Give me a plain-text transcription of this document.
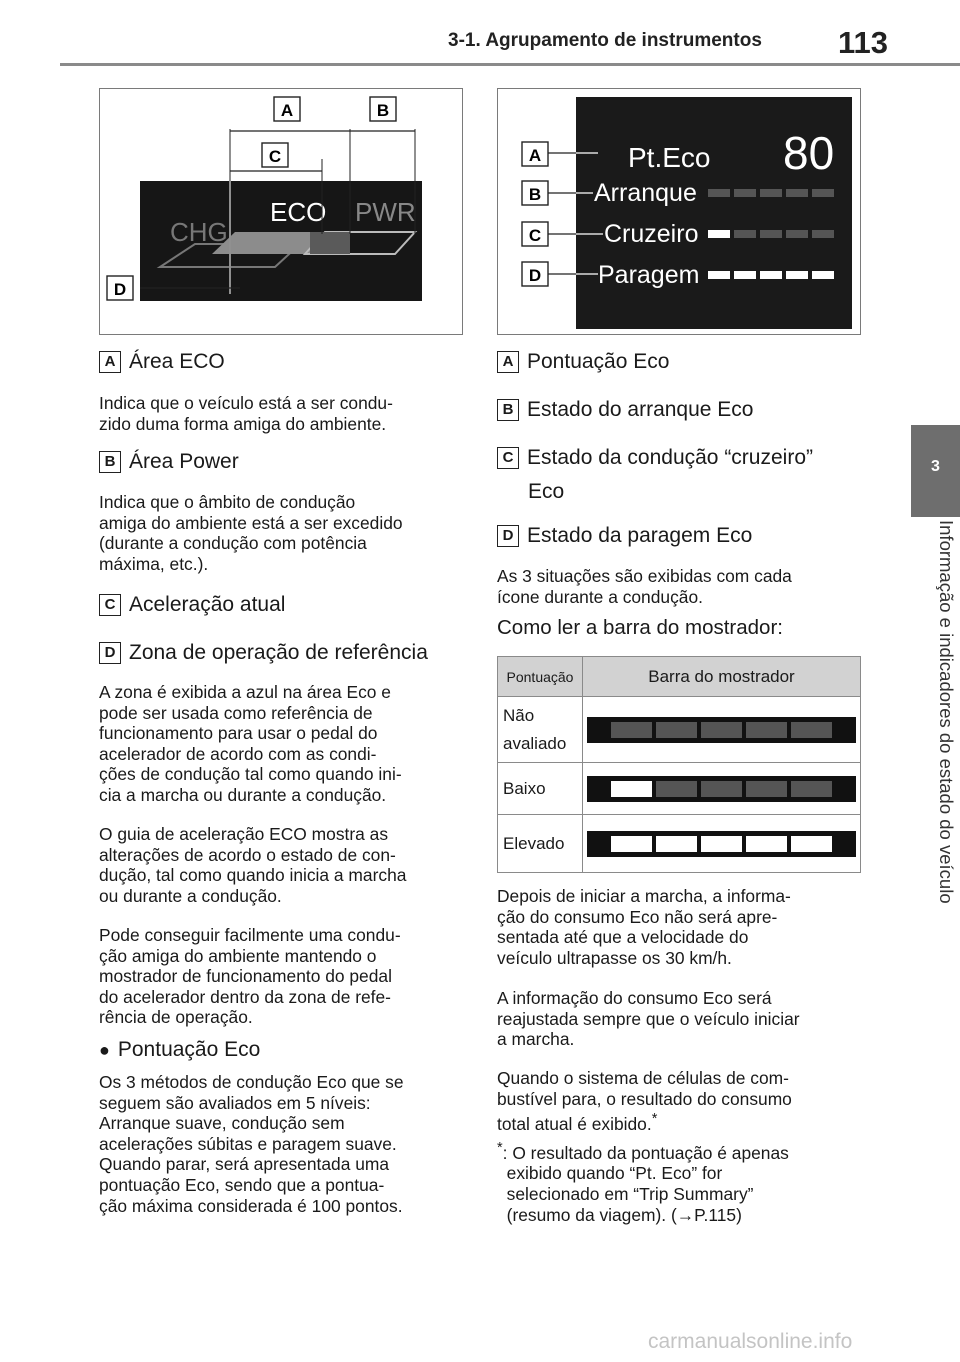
3-1. Agrupamento de instrumentos 113
3
Informação e indicadores do estado do veículo
CHG
ECO PWR
A	B
C
D
Pt.Eco 80
Arranque
Cruzeiro
Paragem
A
B
C
D
A Área ECO
Indica que o veículo está a ser condu-
zido duma forma amiga do ambiente.
B Área Power
Indica que o âmbito de condução
amiga do ambiente está a ser excedido
(durante a condução com potência
máxima, etc.).
C Aceleração atual
D Zona de operação de referência
A zona é exibida a azul na área Eco e
pode ser usada como referência de
funcionamento para usar o pedal do
acelerador de acordo com as condi-
ções de condução tal como quando ini-
cia a marcha ou durante a condução.
O guia de aceleração ECO mostra as
alterações de acordo o estado de con-
dução, tal como quando inicia a marcha
ou durante a condução.
Pode conseguir facilmente uma condu-
ção amiga do ambiente mantendo o
mostrador de funcionamento do pedal
do acelerador dentro da zona de refe-
rência de operação.
● Pontuação Eco
Os 3 métodos de condução Eco que se
seguem são avaliados em 5 níveis:
Arranque suave, condução sem
acelerações súbitas e paragem suave.
Quando parar, será apresentada uma
pontuação Eco, sendo que a pontua-
ção máxima considerada é 100 pontos.
A Pontuação Eco
B Estado do arranque Eco
C Estado da condução “cruzeiro”
Eco
D Estado da paragem Eco
As 3 situações são exibidas com cada
ícone durante a condução.
Como ler a barra do mostrador:
Pontuação	Barra do mostrador
Não
avaliado	

Baixo	

Elevado	
Depois de iniciar a marcha, a informa-
ção do consumo Eco não será apre-
sentada até que a velocidade do
veículo ultrapasse os 30 km/h.
A informação do consumo Eco será
reajustada sempre que o veículo iniciar
a marcha.
Quando o sistema de células de com-
bustível para, o resultado do consumo
total atual é exibido.*
*: O resultado da pontuação é apenas
exibido quando “Pt. Eco” for
selecionado em “Trip Summary”
(resumo da viagem). (→P.115)
carmanualsonline.info
